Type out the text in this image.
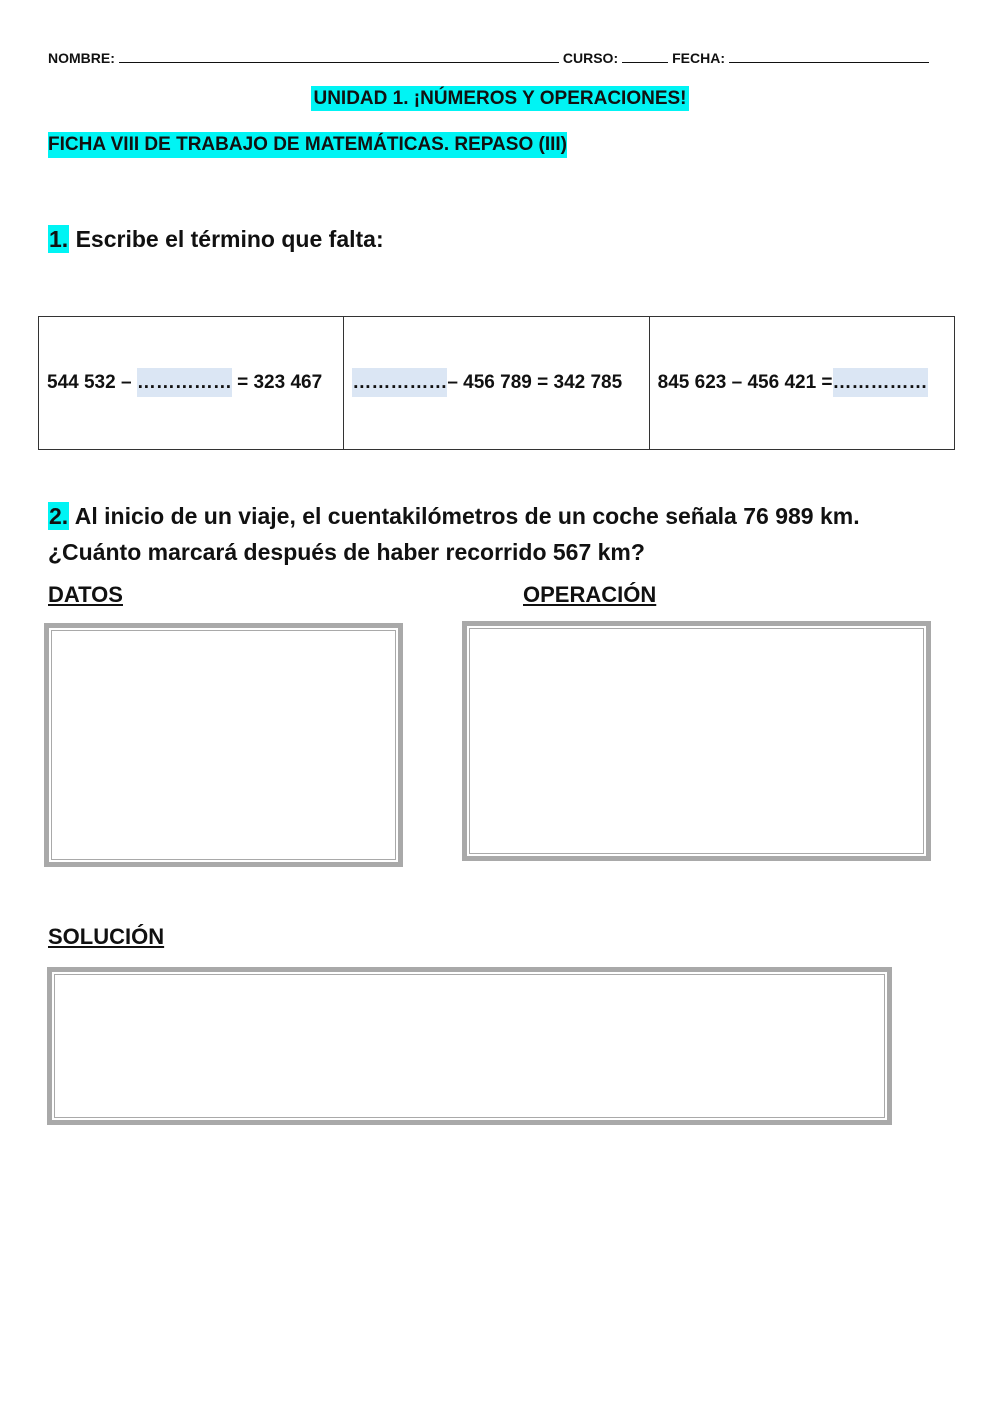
NOMBRE:	CURSO:	FECHA:
UNIDAD 1. ¡NÚMEROS Y OPERACIONES!
FICHA VIII DE TRABAJO DE MATEMÁTICAS. REPASO (III)
1. Escribe el término que falta:
544 532 – …………… = 323 467	……………– 456 789 = 342 785	845 623 – 456 421 =……………
2. Al inicio de un viaje, el cuentakilómetros de un coche señala 76 989 km.
¿Cuánto marcará después de haber recorrido 567 km?
DATOS	OPERACIÓN
SOLUCIÓN
